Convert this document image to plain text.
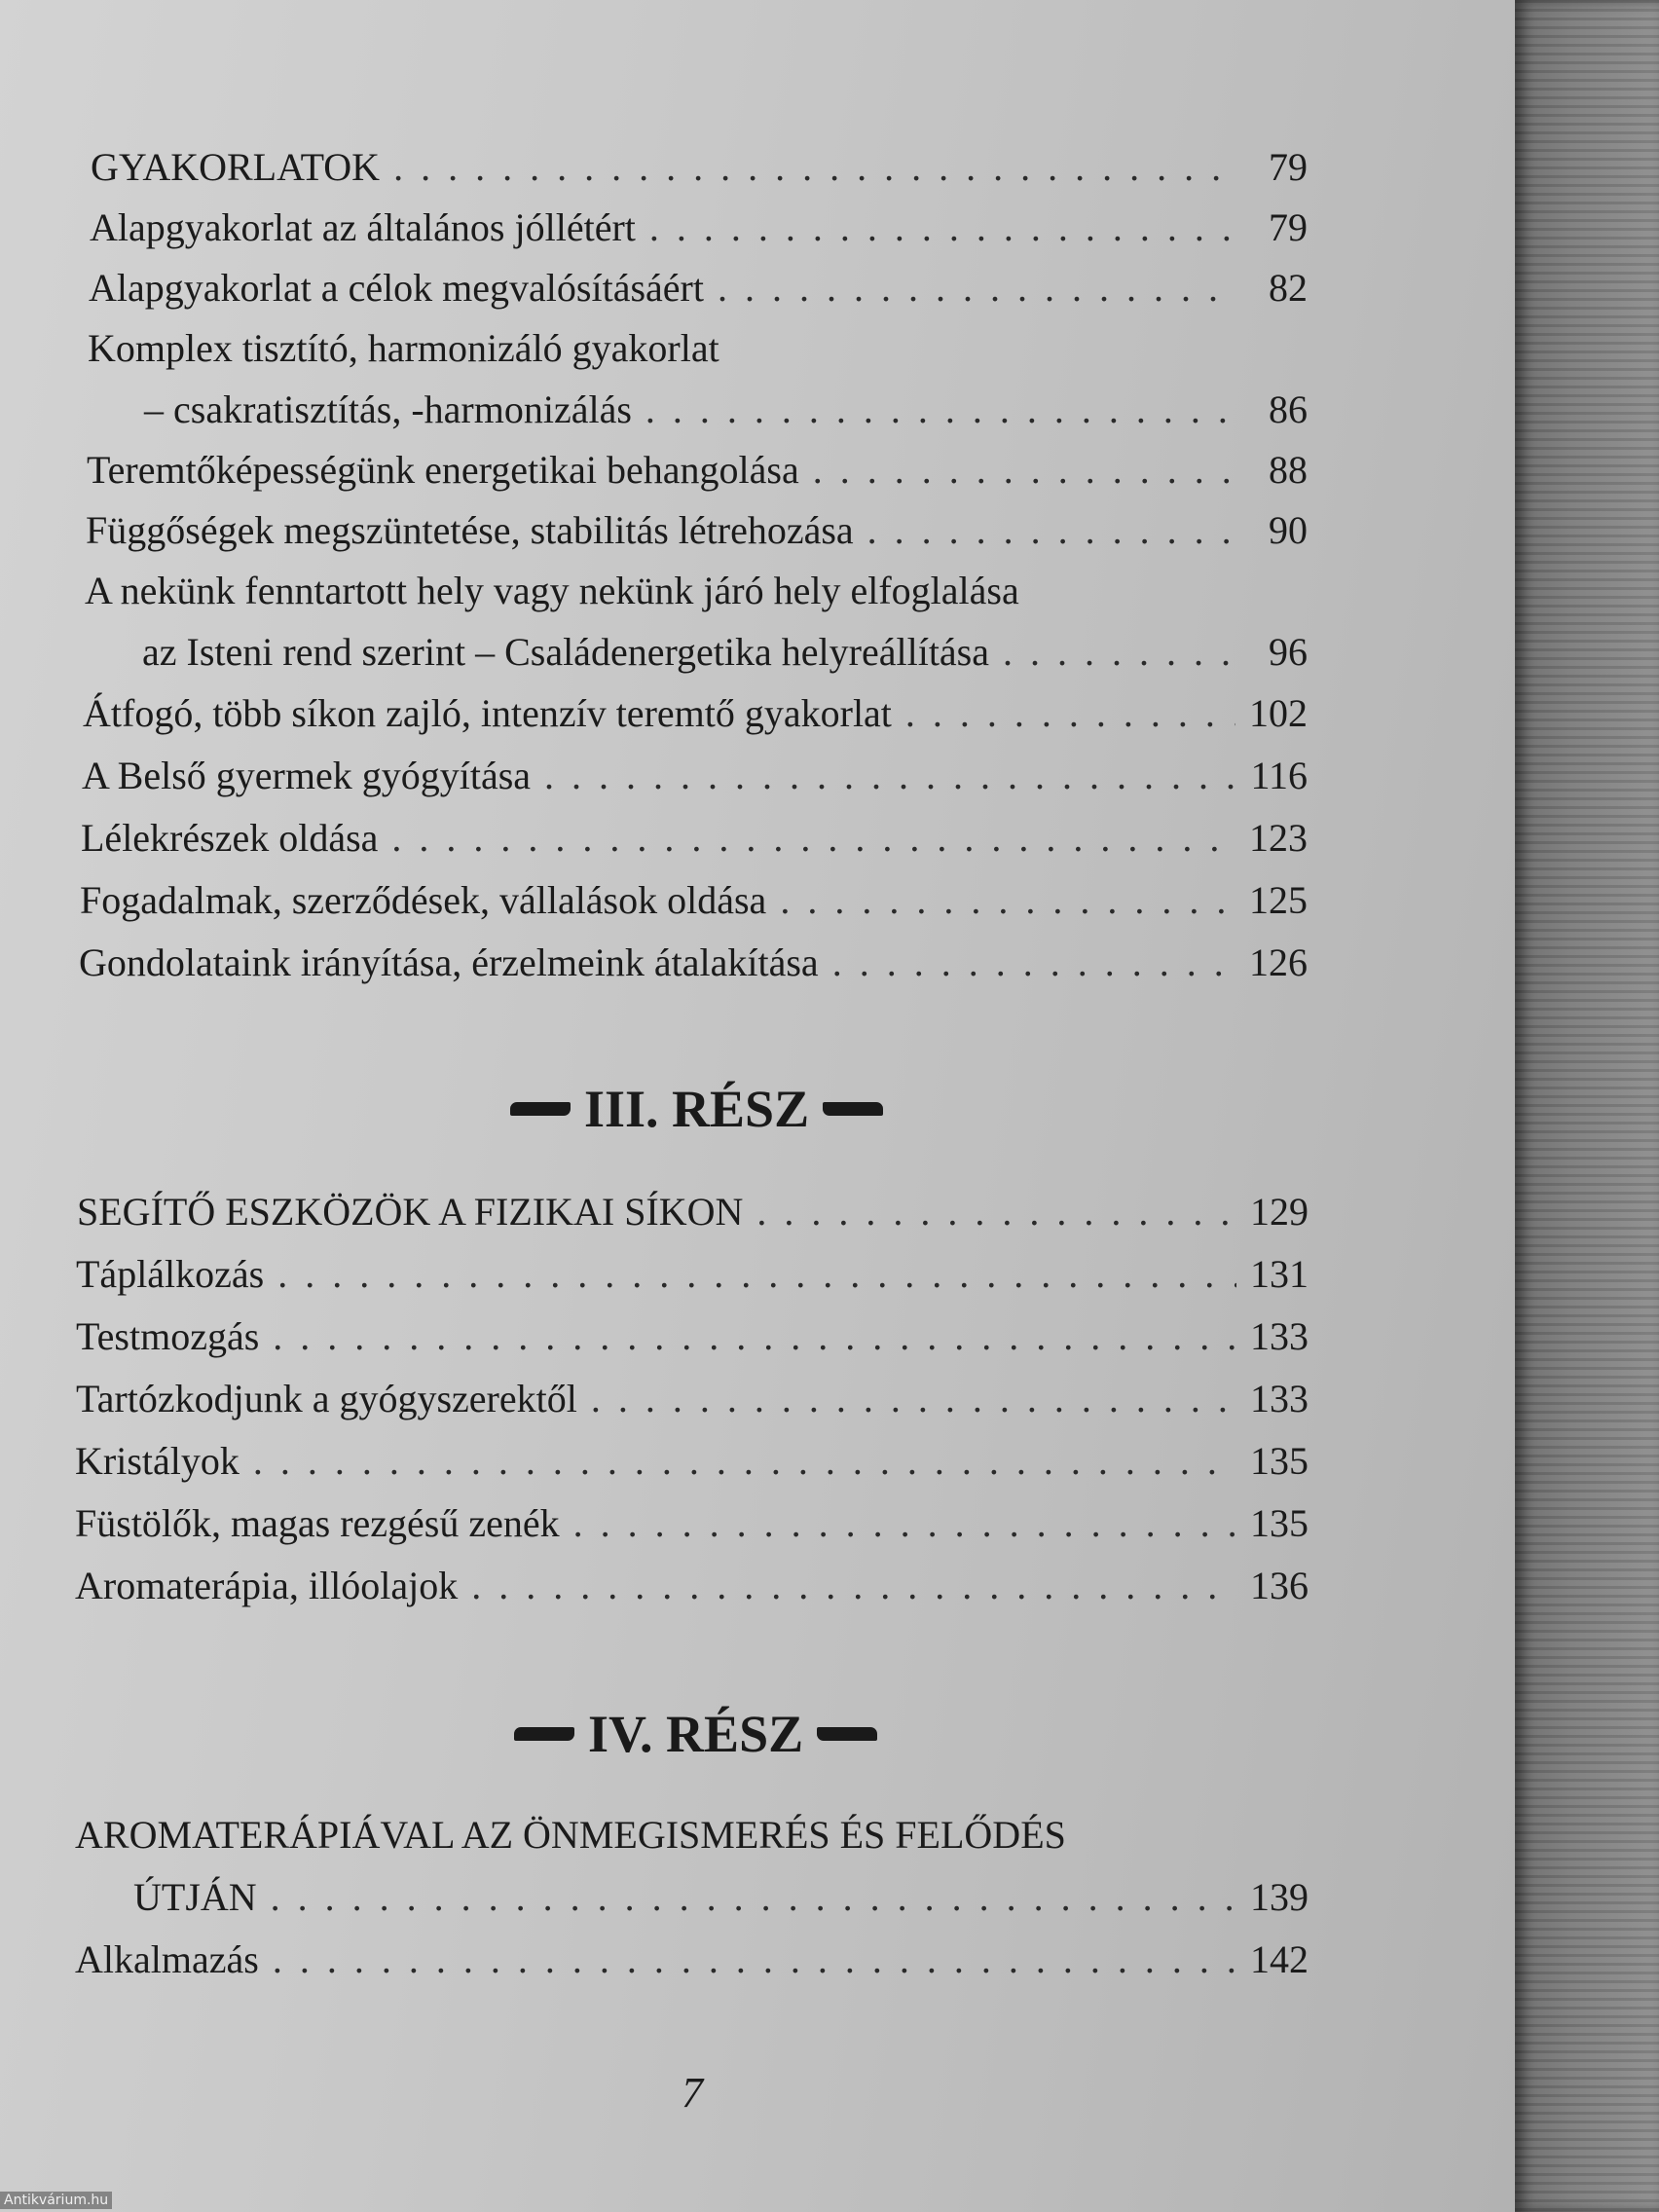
GYAKORLATOK . . .	79
Alapgyakorlat az általános jóllétért . . .	79
Alapgyakorlat a célok megvalósításáért . . .	82
Komplex tisztító, harmonizáló gyakorlat
– csakratisztítás, -harmonizálás . . .	86
Teremtőképességünk energetikai behangolása . . .	88
Függőségek megszüntetése, stabilitás létrehozása . . .	90
A nekünk fenntartott hely vagy nekünk járó hely elfoglalása
az Isteni rend szerint – Családenergetika helyreállítása . . .	96
Átfogó, több síkon zajló, intenzív teremtő gyakorlat . . .	102
A Belső gyermek gyógyítása . . .	116
Lélekrészek oldása . . .	123
Fogadalmak, szerződések, vállalások oldása . . .	125
Gondolataink irányítása, érzelmeink átalakítása . . .	126
III. RÉSZ
SEGÍTŐ ESZKÖZÖK A FIZIKAI SÍKON . . .	129
Táplálkozás . . .	131
Testmozgás . . .	133
Tartózkodjunk a gyógyszerektől . . .	133
Kristályok . . .	135
Füstölők, magas rezgésű zenék . . .	135
Aromaterápia, illóolajok . . .	136
IV. RÉSZ
AROMATERÁPIÁVAL AZ ÖNMEGISMERÉS ÉS FELŐDÉS
ÚTJÁN . . .	139
Alkalmazás . . .	142
7
Antikvárium.hu
